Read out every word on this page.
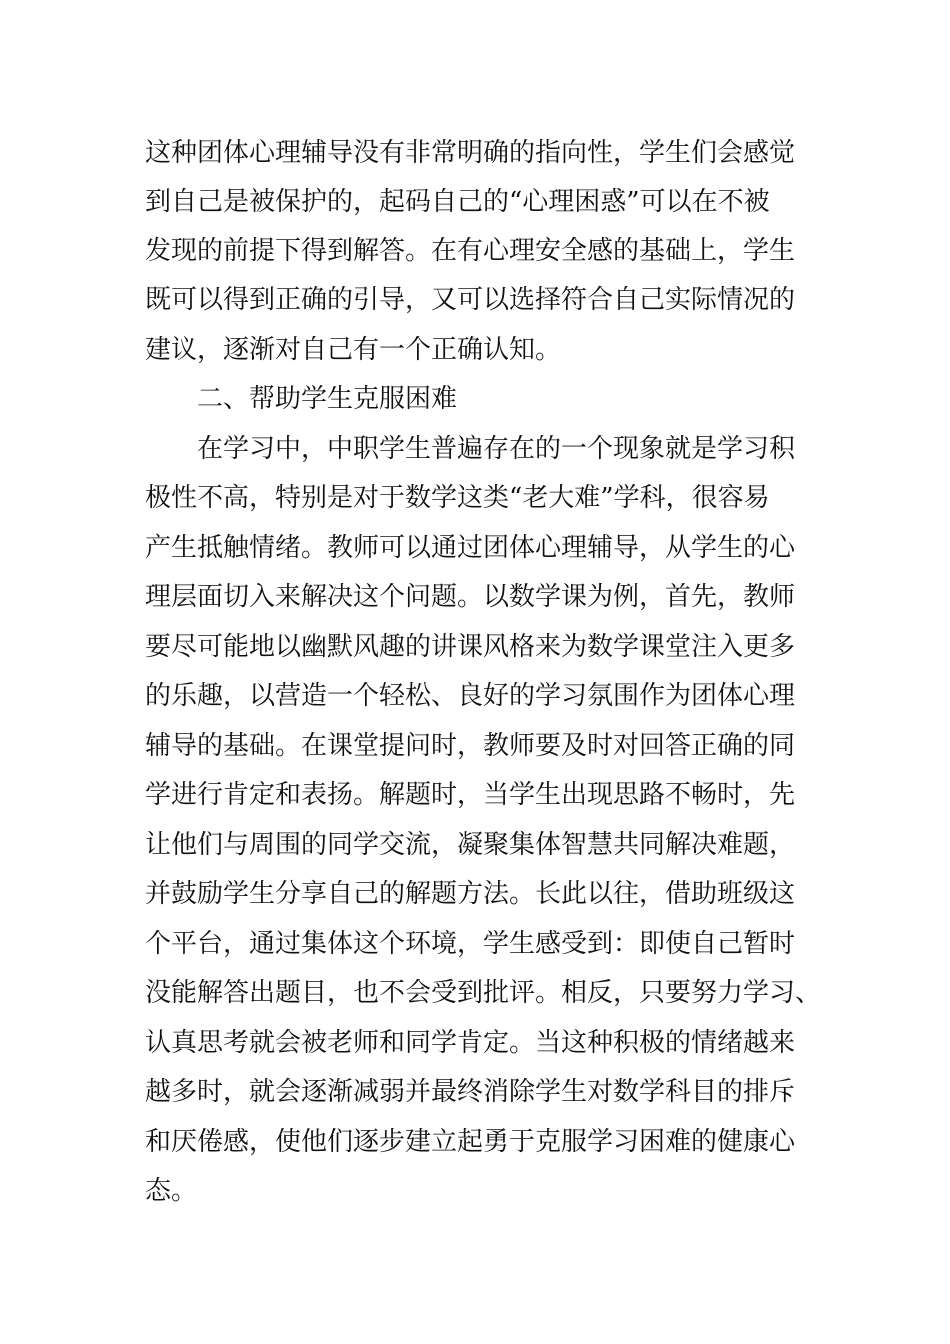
这种团体心理辅导没有非常明确的指向性，学生们会感觉
到自己是被保护的，起码自己的“心理困惑”可以在不被
发现的前提下得到解答。在有心理安全感的基础上，学生
既可以得到正确的引导，又可以选择符合自己实际情况的
建议，逐渐对自己有一个正确认知。
二、帮助学生克服困难
在学习中，中职学生普遍存在的一个现象就是学习积
极性不高，特别是对于数学这类“老大难”学科，很容易
产生抵触情绪。教师可以通过团体心理辅导，从学生的心
理层面切入来解决这个问题。以数学课为例，首先，教师
要尽可能地以幽默风趣的讲课风格来为数学课堂注入更多
的乐趣，以营造一个轻松、良好的学习氛围作为团体心理
辅导的基础。在课堂提问时，教师要及时对回答正确的同
学进行肯定和表扬。解题时，当学生出现思路不畅时，先
让他们与周围的同学交流，凝聚集体智慧共同解决难题，
并鼓励学生分享自己的解题方法。长此以往，借助班级这
个平台，通过集体这个环境，学生感受到：即使自己暂时
没能解答出题目，也不会受到批评。相反，只要努力学习、
认真思考就会被老师和同学肯定。当这种积极的情绪越来
越多时，就会逐渐减弱并最终消除学生对数学科目的排斥
和厌倦感，使他们逐步建立起勇于克服学习困难的健康心
态。
